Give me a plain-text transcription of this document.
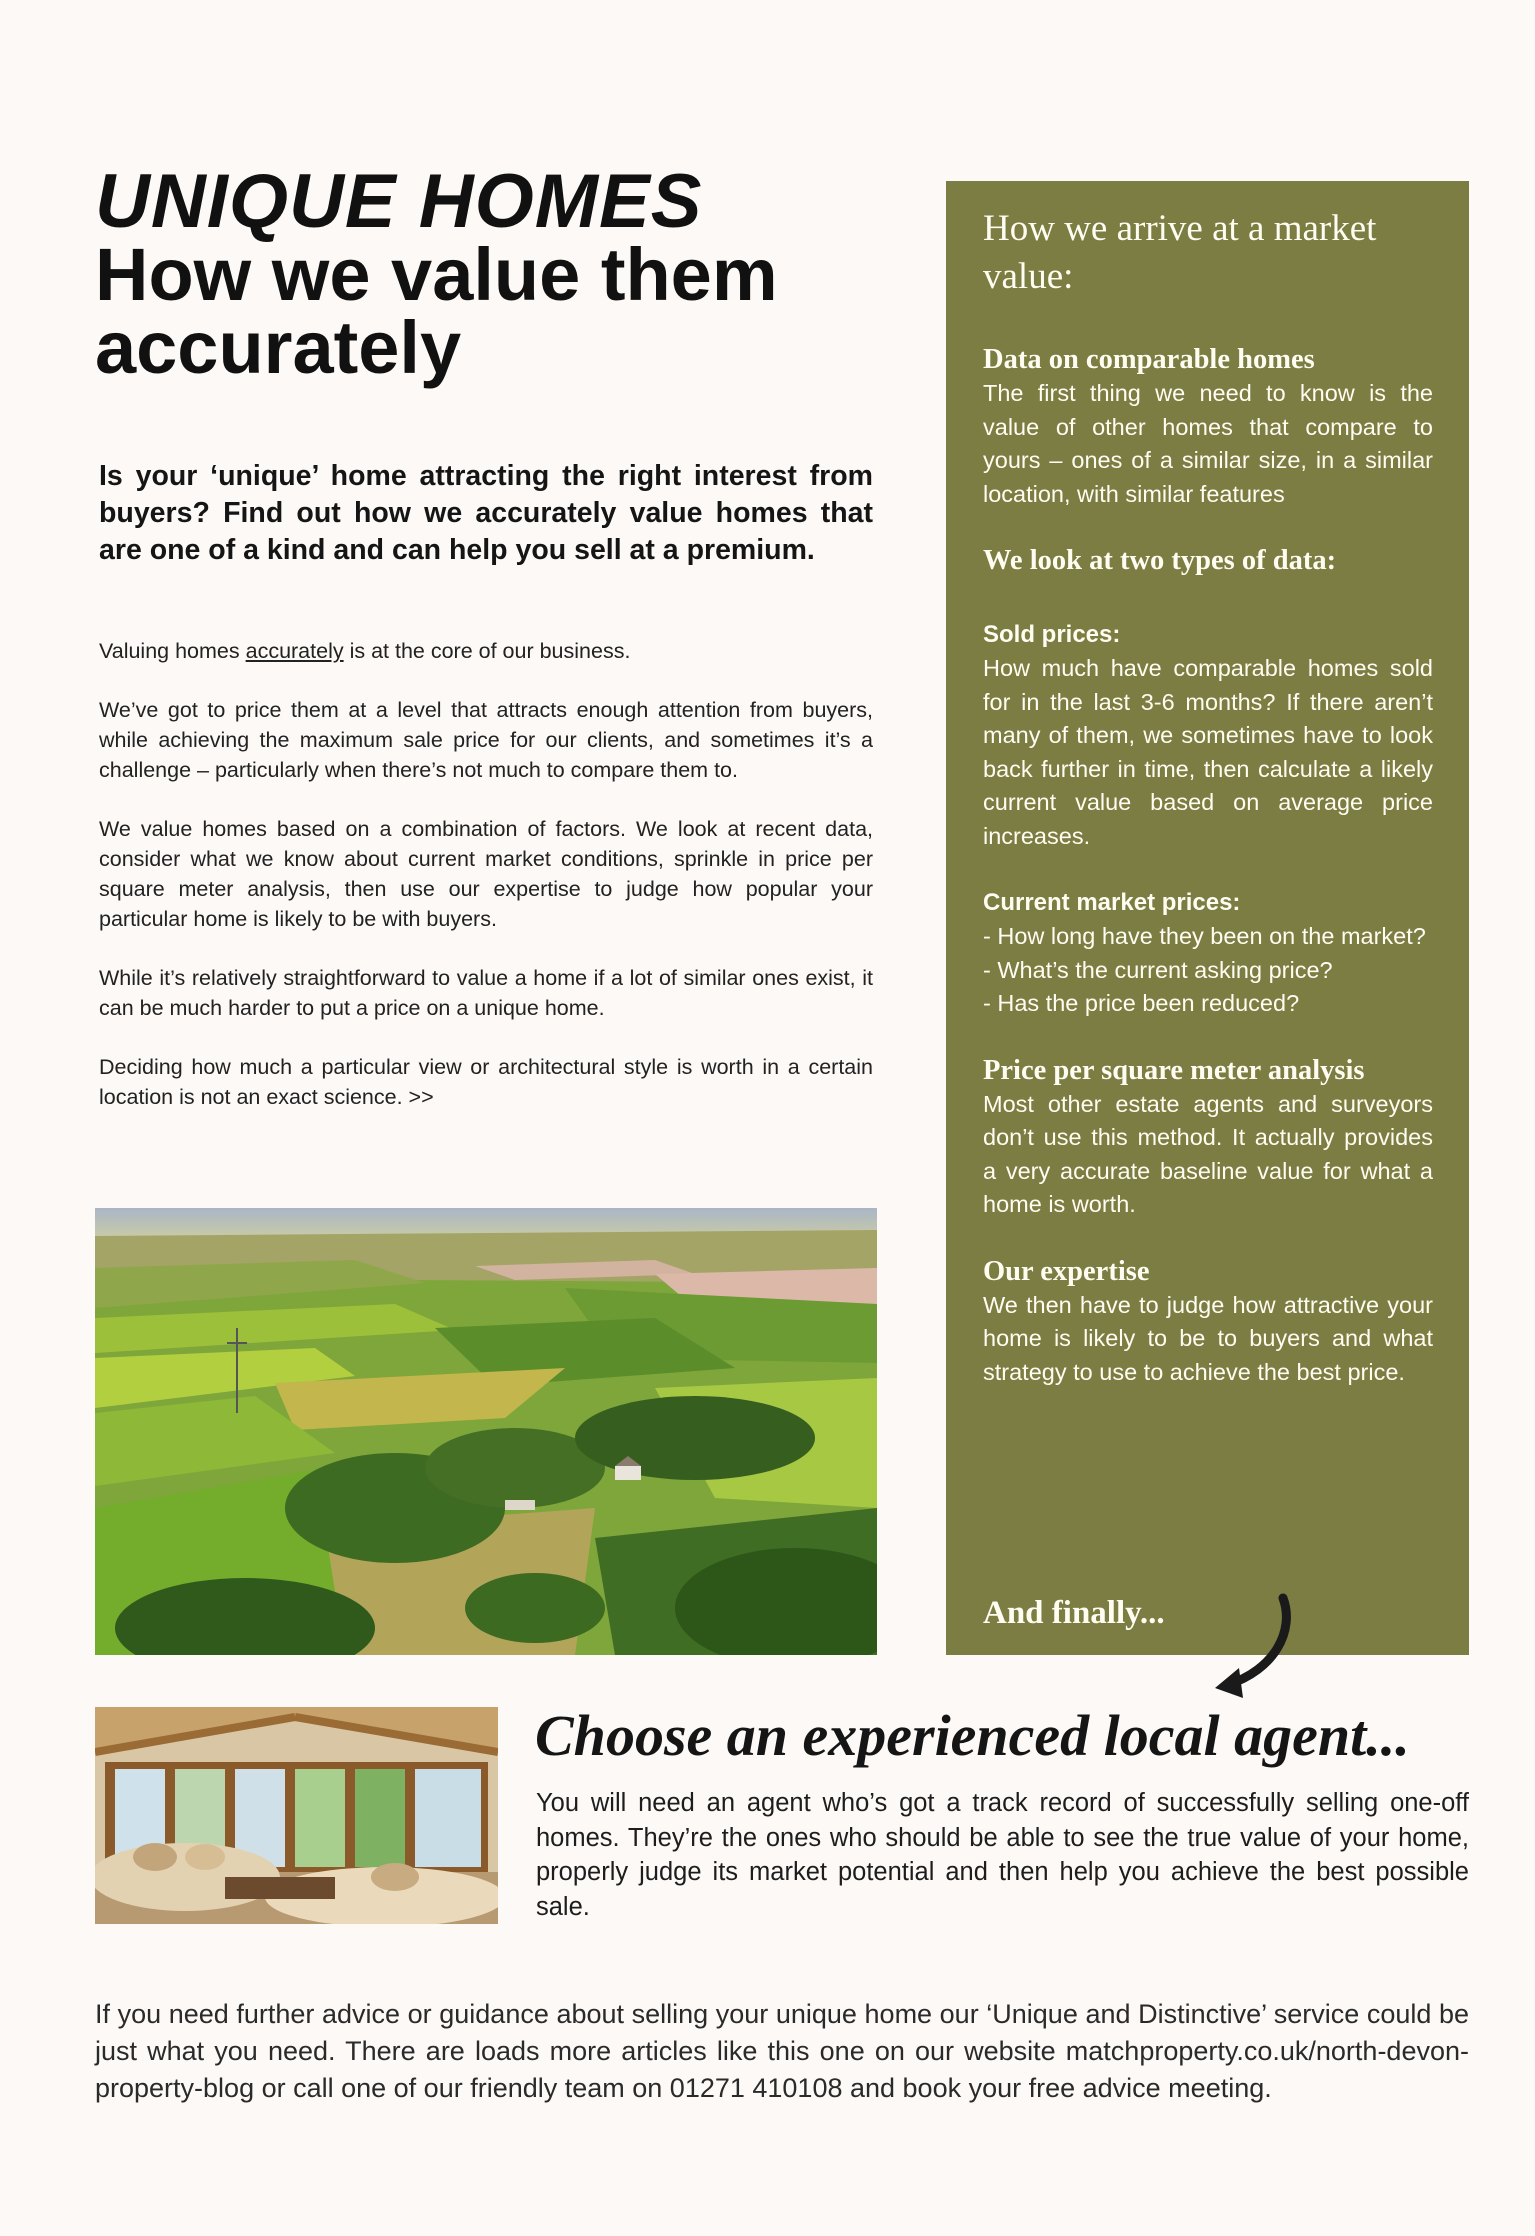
UNIQUE HOMES
How we value them
accurately
Is your ‘unique’ home attracting the right interest from buyers? Find out how we accurately value homes that are one of a kind and can help you sell at a premium.

Valuing homes accurately is at the core of our business.

We’ve got to price them at a level that attracts enough attention from buyers, while achieving the maximum sale price for our clients, and sometimes it’s a challenge – particularly when there’s not much to compare them to.

We value homes based on a combination of factors. We look at recent data, consider what we know about current market conditions, sprinkle in price per square meter analysis, then use our expertise to judge how popular your particular home is likely to be with buyers.

While it’s relatively straightforward to value a home if a lot of similar ones exist, it can be much harder to put a price on a unique home.

Deciding how much a particular view or architectural style is worth in a certain location is not an exact science. >>

How we arrive at a market value:
Data on comparable homes
The first thing we need to know is the value of other homes that compare to yours – ones of a similar size, in a similar location, with similar features
We look at two types of data:
Sold prices:
How much have comparable homes sold for in the last 3-6 months? If there aren’t many of them, we sometimes have to look back further in time, then calculate a likely current value based on average price increases.
Current market prices:
- How long have they been on the market?
- What’s the current asking price?
- Has the price been reduced?
Price per square meter analysis
Most other estate agents and surveyors don’t use this method. It actually provides a very accurate baseline value for what a home is worth.
Our expertise
We then have to judge how attractive your home is likely to be to buyers and what strategy to use to achieve the best price.
And finally...
Choose an experienced local agent...
You will need an agent who’s got a track record of successfully selling one-off homes. They’re the ones who should be able to see the true value of your home, properly judge its market potential and then help you achieve the best possible sale.
If you need further advice or guidance about selling your unique home our ‘Unique and Distinctive’ service could be just what you need. There are loads more articles like this one on our website matchproperty.co.uk/north-devon-property-blog or call one of our friendly team on 01271 410108 and book your free advice meeting.
